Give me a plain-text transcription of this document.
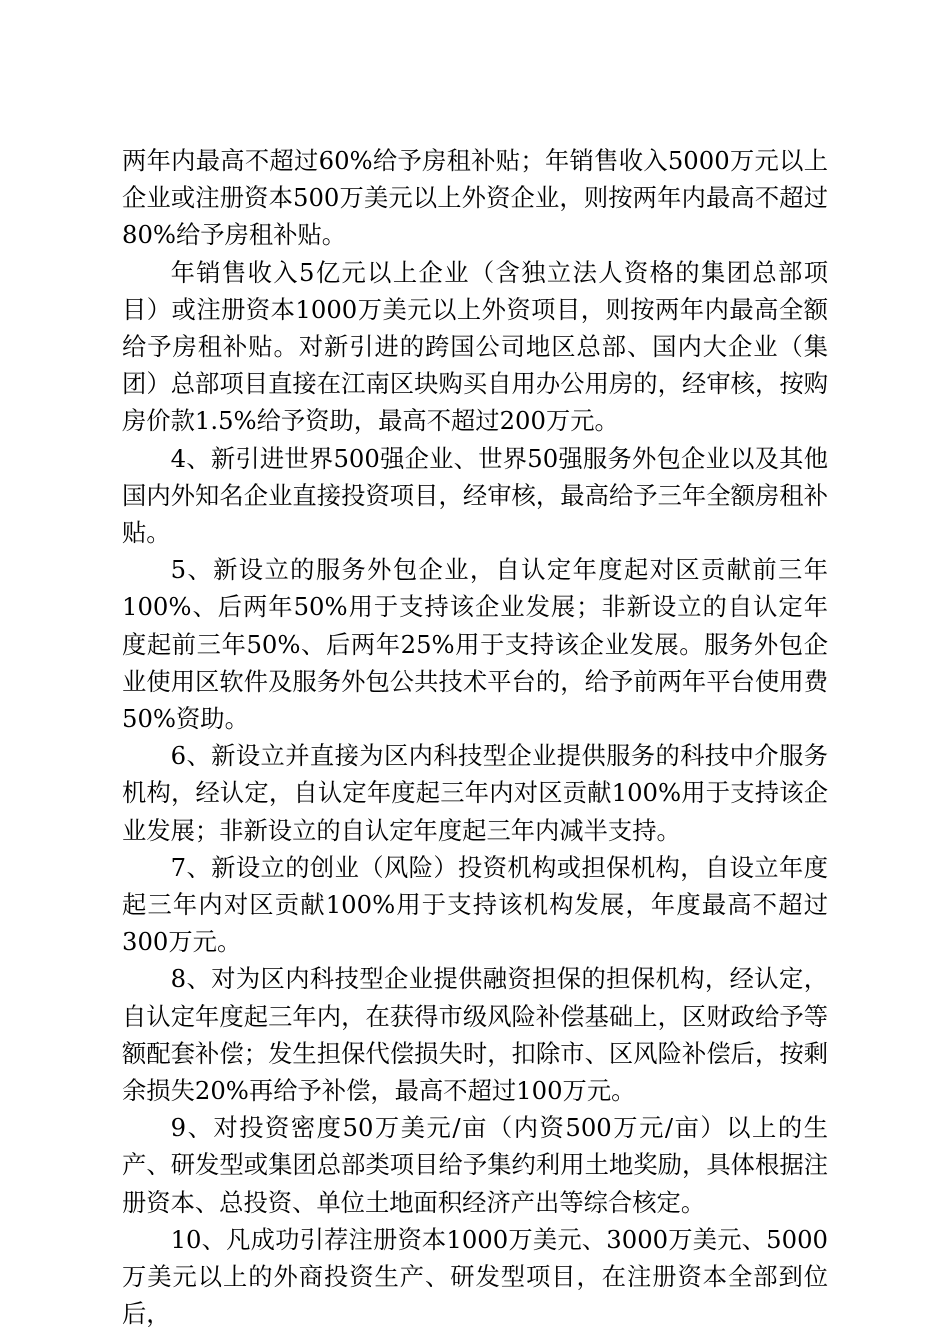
两年内最高不超过60%给予房租补贴；年销售收入5000万元以上企业或注册资本500万美元以上外资企业，则按两年内最高不超过80%给予房租补贴。

年销售收入5亿元以上企业（含独立法人资格的集团总部项目）或注册资本1000万美元以上外资项目，则按两年内最高全额给予房租补贴。对新引进的跨国公司地区总部、国内大企业（集团）总部项目直接在江南区块购买自用办公用房的，经审核，按购房价款1.5%给予资助，最高不超过200万元。

4、新引进世界500强企业、世界50强服务外包企业以及其他国内外知名企业直接投资项目，经审核，最高给予三年全额房租补贴。

5、新设立的服务外包企业，自认定年度起对区贡献前三年100%、后两年50%用于支持该企业发展；非新设立的自认定年度起前三年50%、后两年25%用于支持该企业发展。服务外包企业使用区软件及服务外包公共技术平台的，给予前两年平台使用费50%资助。

6、新设立并直接为区内科技型企业提供服务的科技中介服务机构，经认定，自认定年度起三年内对区贡献100%用于支持该企业发展；非新设立的自认定年度起三年内减半支持。

7、新设立的创业（风险）投资机构或担保机构，自设立年度起三年内对区贡献100%用于支持该机构发展，年度最高不超过300万元。

8、对为区内科技型企业提供融资担保的担保机构，经认定，自认定年度起三年内，在获得市级风险补偿基础上，区财政给予等额配套补偿；发生担保代偿损失时，扣除市、区风险补偿后，按剩余损失20%再给予补偿，最高不超过100万元。

9、对投资密度50万美元/亩（内资500万元/亩）以上的生产、研发型或集团总部类项目给予集约利用土地奖励，具体根据注册资本、总投资、单位土地面积经济产出等综合核定。

10、凡成功引荐注册资本1000万美元、3000万美元、5000万美元以上的外商投资生产、研发型项目，在注册资本全部到位后，
